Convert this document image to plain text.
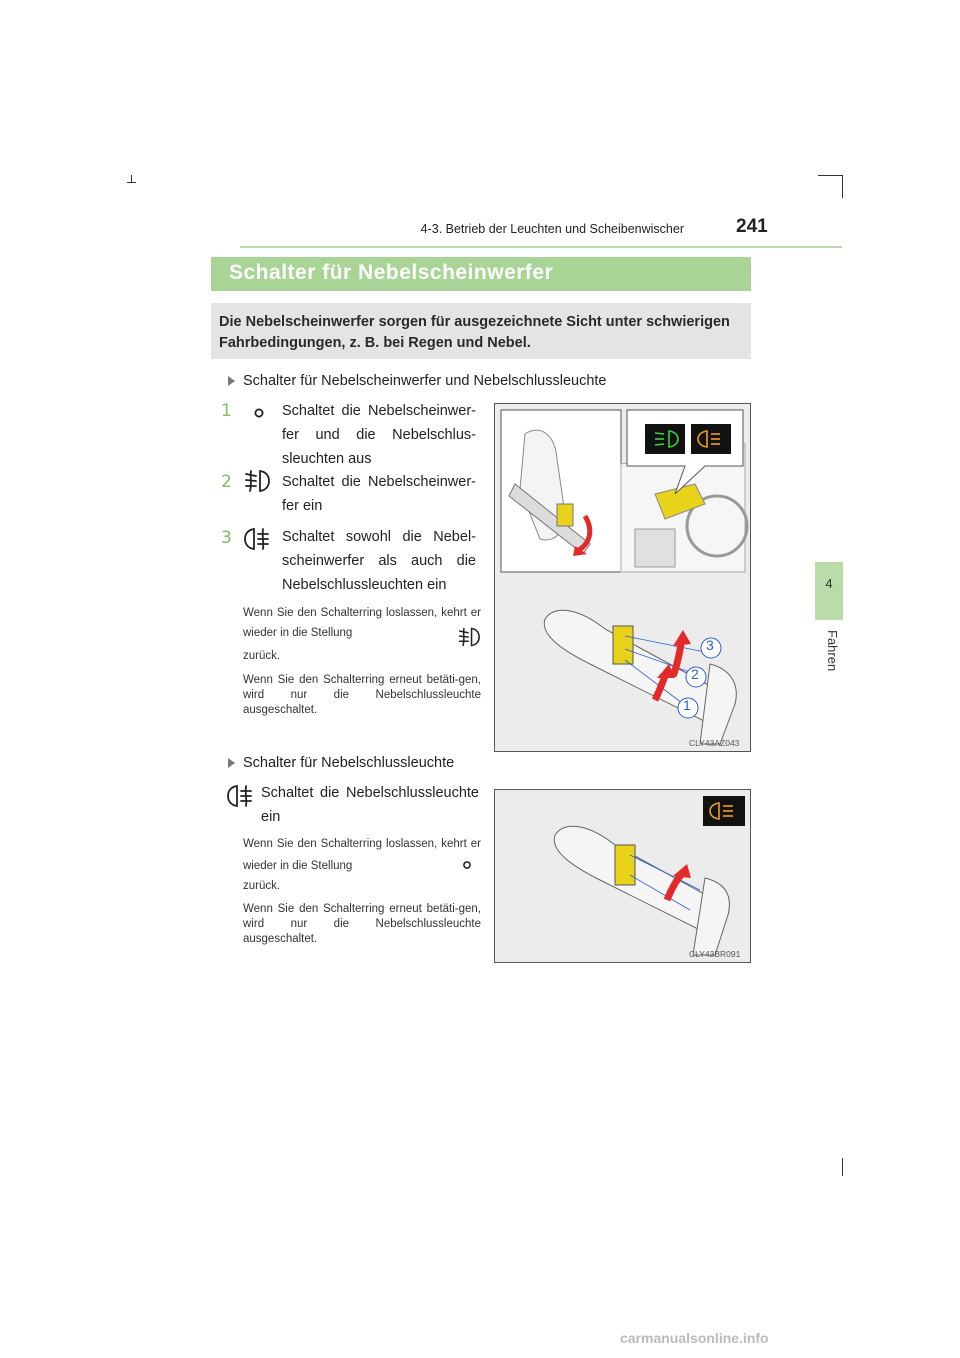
4-3. Betrieb der Leuchten und Scheibenwischer	241
4
Fahren
Schalter für Nebelscheinwerfer
Die Nebelscheinwerfer sorgen für ausgezeichnete Sicht unter schwierigen Fahrbedingungen, z. B. bei Regen und Nebel.
Schalter für Nebelscheinwerfer und Nebelschlussleuchte
1	Schaltet die Nebelscheinwer-fer und die Nebelschlus-sleuchten aus
2	Schaltet die Nebelscheinwer-fer ein
3	Schaltet sowohl die Nebel-scheinwerfer als auch die Nebelschlussleuchten ein
Wenn Sie den Schalterring loslassen, kehrt er wieder in die Stellung
zurück.
Wenn Sie den Schalterring erneut betäti-gen, wird nur die Nebelschlussleuchte ausgeschaltet.
3
2
1
CLY43AZ043
Schalter für Nebelschlussleuchte
Schaltet die Nebelschlussleuchte ein
Wenn Sie den Schalterring loslassen, kehrt er wieder in die Stellung
zurück.
Wenn Sie den Schalterring erneut betäti-gen, wird nur die Nebelschlussleuchte ausgeschaltet.
CLY43BR091
carmanualsonline.info
